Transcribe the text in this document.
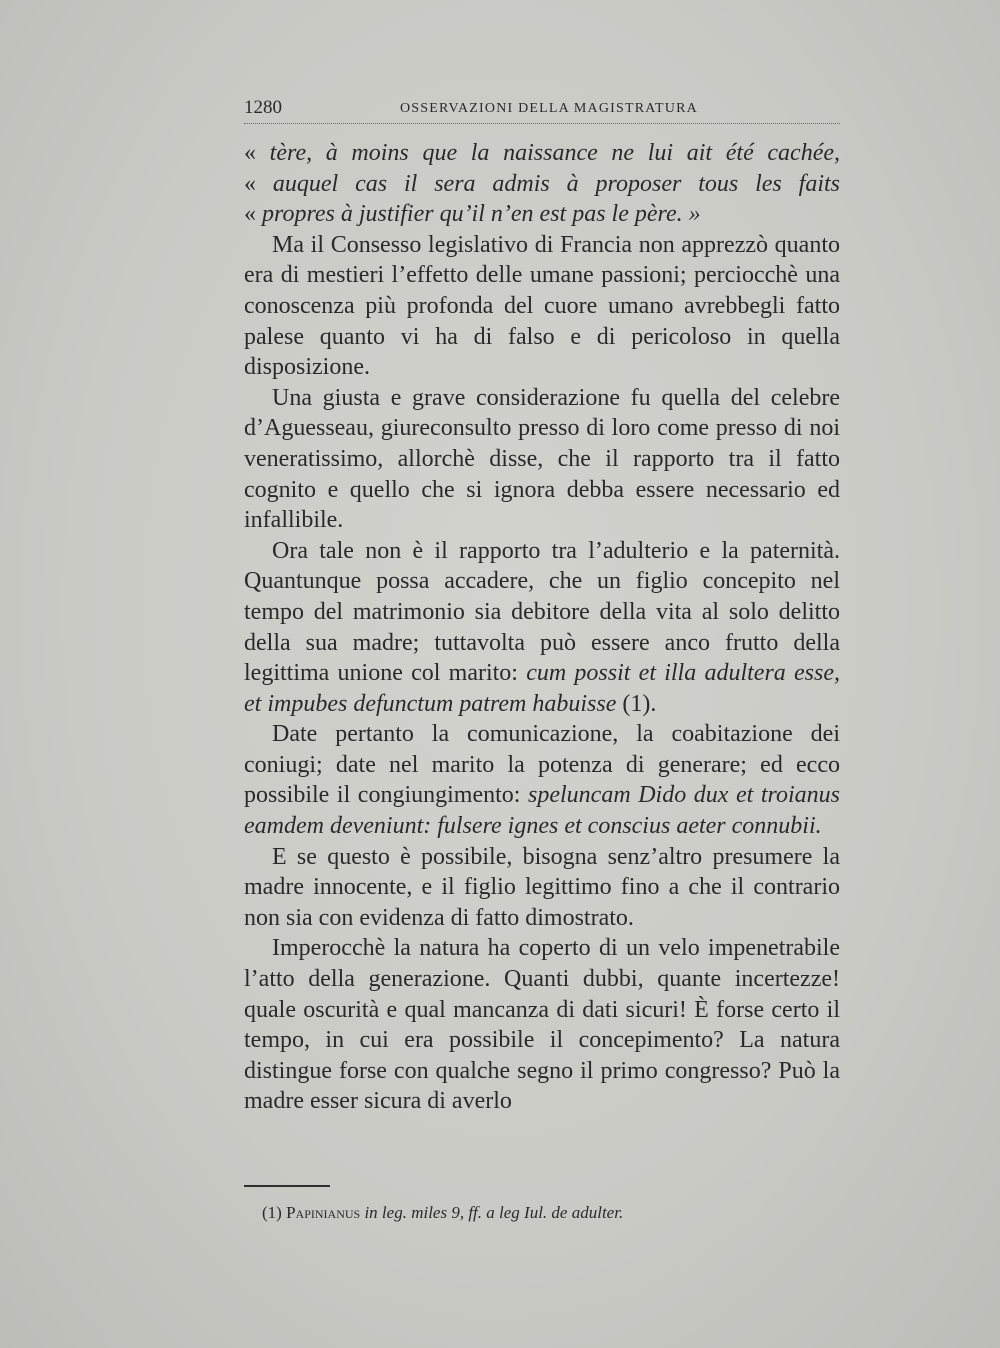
1280	OSSERVAZIONI DELLA MAGISTRATURA
« tère, à moins que la naissance ne lui ait été cachée,
« auquel cas il sera admis à proposer tous les faits
« propres à justifier qu’il n’en est pas le père. »

Ma il Consesso legislativo di Francia non apprezzò quanto era di mestieri l’effetto delle umane passioni; perciocchè una conoscenza più profonda del cuore umano avrebbegli fatto palese quanto vi ha di falso e di pericoloso in quella disposizione.

Una giusta e grave considerazione fu quella del celebre d’Aguesseau, giureconsulto presso di loro come presso di noi veneratissimo, allorchè disse, che il rapporto tra il fatto cognito e quello che si ignora debba essere necessario ed infallibile.

Ora tale non è il rapporto tra l’adulterio e la paternità. Quantunque possa accadere, che un figlio concepito nel tempo del matrimonio sia debitore della vita al solo delitto della sua madre; tuttavolta può essere anco frutto della legittima unione col marito: cum possit et illa adultera esse, et impubes defunctum patrem habuisse (1).

Date pertanto la comunicazione, la coabitazione dei coniugi; date nel marito la potenza di generare; ed ecco possibile il congiungimento: speluncam Dido dux et troianus eamdem deveniunt: fulsere ignes et conscius aeter connubii.

E se questo è possibile, bisogna senz’altro presumere la madre innocente, e il figlio legittimo fino a che il contrario non sia con evidenza di fatto dimostrato.

Imperocchè la natura ha coperto di un velo impenetrabile l’atto della generazione. Quanti dubbi, quante incertezze! quale oscurità e qual mancanza di dati sicuri! È forse certo il tempo, in cui era possibile il concepimento? La natura distingue forse con qualche segno il primo congresso? Può la madre esser sicura di averlo

(1) Papinianus in leg. miles 9, ff. a leg Iul. de adulter.
